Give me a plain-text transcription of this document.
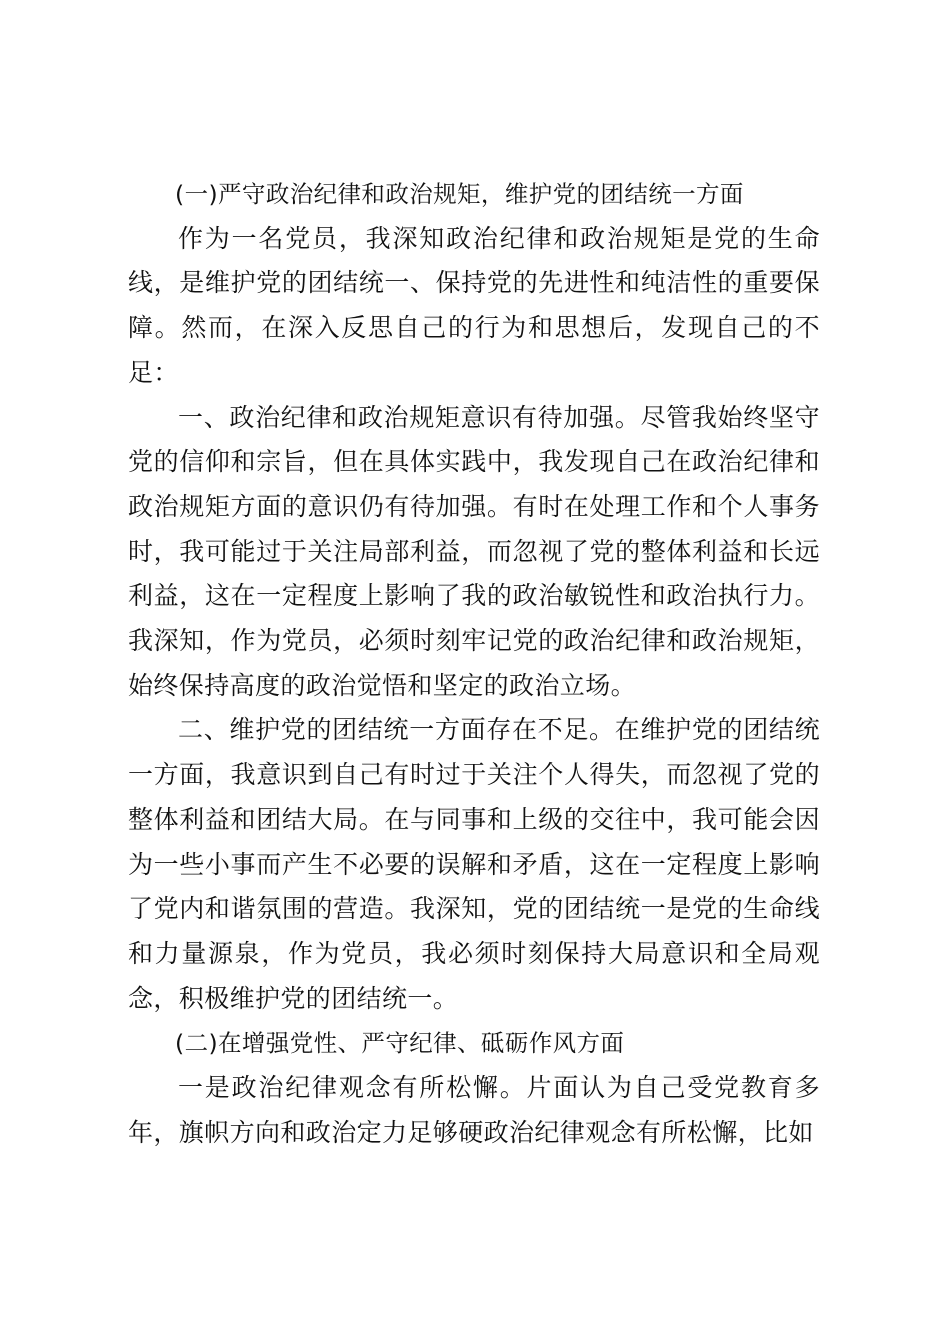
(一)严守政治纪律和政治规矩，维护党的团结统一方面

作为一名党员，我深知政治纪律和政治规矩是党的生命线，是维护党的团结统一、保持党的先进性和纯洁性的重要保障。然而，在深入反思自己的行为和思想后，发现自己的不足：

一、政治纪律和政治规矩意识有待加强。尽管我始终坚守党的信仰和宗旨，但在具体实践中，我发现自己在政治纪律和政治规矩方面的意识仍有待加强。有时在处理工作和个人事务时，我可能过于关注局部利益，而忽视了党的整体利益和长远利益，这在一定程度上影响了我的政治敏锐性和政治执行力。我深知，作为党员，必须时刻牢记党的政治纪律和政治规矩，始终保持高度的政治觉悟和坚定的政治立场。

二、维护党的团结统一方面存在不足。在维护党的团结统一方面，我意识到自己有时过于关注个人得失，而忽视了党的整体利益和团结大局。在与同事和上级的交往中，我可能会因为一些小事而产生不必要的误解和矛盾，这在一定程度上影响了党内和谐氛围的营造。我深知，党的团结统一是党的生命线和力量源泉，作为党员，我必须时刻保持大局意识和全局观念，积极维护党的团结统一。

(二)在增强党性、严守纪律、砥砺作风方面

一是政治纪律观念有所松懈。片面认为自己受党教育多年，旗帜方向和政治定力足够硬政治纪律观念有所松懈，比如
